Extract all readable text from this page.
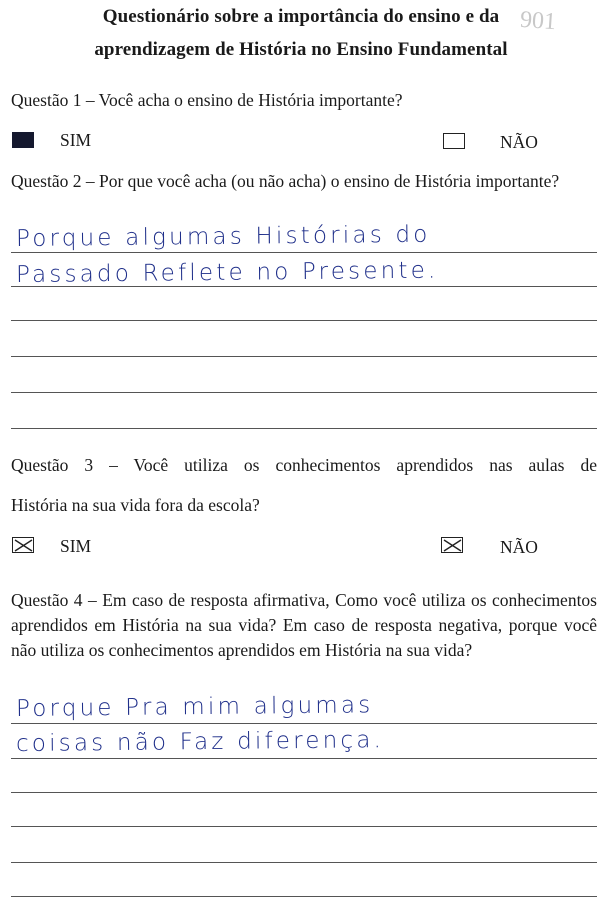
Questionário sobre a importância do ensino e da
aprendizagem de História no Ensino Fundamental
901
Questão 1 – Você acha o ensino de História importante?
SIM	NÃO
Questão 2 – Por que você acha (ou não acha) o ensino de História importante?
Porque algumas Histórias do
Passado Reflete no Presente.
Questão 3 – Você utiliza os conhecimentos aprendidos nas aulas de
História na sua vida fora da escola?
SIM	NÃO
Questão 4 – Em caso de resposta afirmativa, Como você utiliza os conhecimentos aprendidos em História na sua vida? Em caso de resposta negativa, porque você não utiliza os conhecimentos aprendidos em História na sua vida?
Porque Pra mim algumas
coisas não Faz diferença.
